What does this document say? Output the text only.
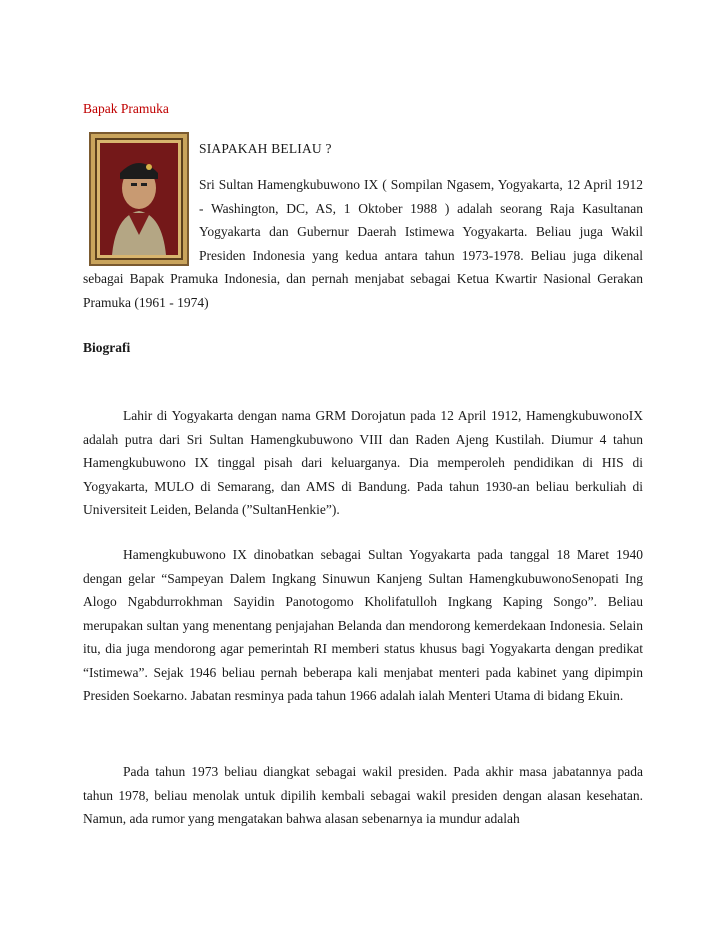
Bapak Pramuka
SIAPAKAH BELIAU ?
Sri Sultan Hamengkubuwono IX ( Sompilan Ngasem, Yogyakarta, 12 April 1912 - Washington, DC, AS, 1 Oktober 1988 ) adalah seorang Raja Kasultanan Yogyakarta dan Gubernur Daerah Istimewa Yogyakarta. Beliau juga Wakil Presiden Indonesia yang kedua antara tahun 1973-1978. Beliau juga dikenal sebagai Bapak Pramuka Indonesia, dan pernah menjabat sebagai Ketua Kwartir Nasional Gerakan Pramuka (1961 - 1974)
Biografi

Lahir di Yogyakarta dengan nama GRM Dorojatun pada 12 April 1912, HamengkubuwonoIX adalah putra dari Sri Sultan Hamengkubuwono VIII dan Raden Ajeng Kustilah. Diumur 4 tahun Hamengkubuwono IX tinggal pisah dari keluarganya. Dia memperoleh pendidikan di HIS di Yogyakarta, MULO di Semarang, dan AMS di Bandung. Pada tahun 1930-an beliau berkuliah di Universiteit Leiden, Belanda (”SultanHenkie”).

Hamengkubuwono IX dinobatkan sebagai Sultan Yogyakarta pada tanggal 18 Maret 1940 dengan gelar “Sampeyan Dalem Ingkang Sinuwun Kanjeng Sultan HamengkubuwonoSenopati Ing Alogo Ngabdurrokhman Sayidin Panotogomo Kholifatulloh Ingkang Kaping Songo”. Beliau merupakan sultan yang menentang penjajahan Belanda dan mendorong kemerdekaan Indonesia. Selain itu, dia juga mendorong agar pemerintah RI memberi status khusus bagi Yogyakarta dengan predikat “Istimewa”. Sejak 1946 beliau pernah beberapa kali menjabat menteri pada kabinet yang dipimpin Presiden Soekarno. Jabatan resminya pada tahun 1966 adalah ialah Menteri Utama di bidang Ekuin.

Pada tahun 1973 beliau diangkat sebagai wakil presiden. Pada akhir masa jabatannya pada tahun 1978, beliau menolak untuk dipilih kembali sebagai wakil presiden dengan alasan kesehatan. Namun, ada rumor yang mengatakan bahwa alasan sebenarnya ia mundur adalah
